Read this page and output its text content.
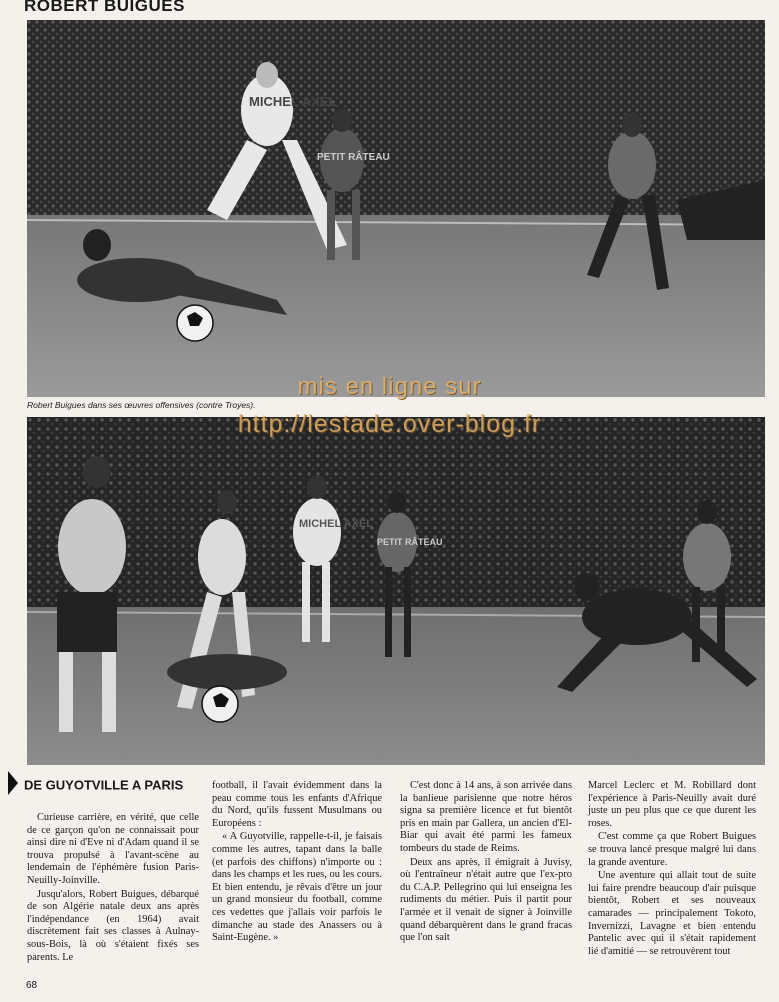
ROBERT BUIGUES
MICHEL AXEL
PETIT RÂTEAU
Robert Buigues dans ses œuvres offensives (contre Troyes).
MICHEL AXEL
PETIT RÂTEAU
mis en ligne sur
http://lestade.over-blog.fr
DE GUYOTVILLE A PARIS

Curieuse carrière, en vérité, que celle de ce garçon qu'on ne connaissait pour ainsi dire ni d'Eve ni d'Adam quand il se trouva propulsé à l'avant-scène au lendemain de l'éphémère fusion Paris-Neuilly-Joinville.

Jusqu'alors, Robert Buigues, débarqué de son Algérie natale deux ans après l'indépendance (en 1964) avait discrètement fait ses classes à Aulnay-sous-Bois, là où s'étaient fixés ses parents. Le

football, il l'avait évidemment dans la peau comme tous les enfants d'Afrique du Nord, qu'ils fussent Musulmans ou Européens :

« A Guyotville, rappelle-t-il, je faisais comme les autres, tapant dans la balle (et parfois des chiffons) n'importe ou : dans les champs et les rues, ou les cours. Et bien entendu, je rêvais d'être un jour un grand monsieur du football, comme ces vedettes que j'allais voir parfois le dimanche au stade des Anassers ou à Saint-Eugène. »

C'est donc à 14 ans, à son arrivée dans la banlieue parisienne que notre héros signa sa première licence et fut bientôt pris en main par Gallera, un ancien d'El-Biar qui avait été parmi les fameux tombeurs du stade de Reims.

Deux ans après, il émigrait à Juvisy, où l'entraîneur n'était autre que l'ex-pro du C.A.P. Pellegrino qui lui enseigna les rudiments du métier. Puis il partit pour l'armée et il venait de signer à Joinville quand débarquèrent dans le grand fracas que l'on sait

Marcel Leclerc et M. Robillard dont l'expérience à Paris-Neuilly avait duré juste un peu plus que ce que durent les roses.

C'est comme ça que Robert Buigues se trouva lancé presque malgré lui dans la grande aventure.

Une aventure qui allait tout de suite lui faire prendre beaucoup d'air puisque bientôt, Robert et ses nouveaux camarades — principalement Tokoto, Invernizzi, Lavagne et bien entendu Pantelic avec qui il s'était rapidement lié d'amitié — se retrouvèrent tout

68
